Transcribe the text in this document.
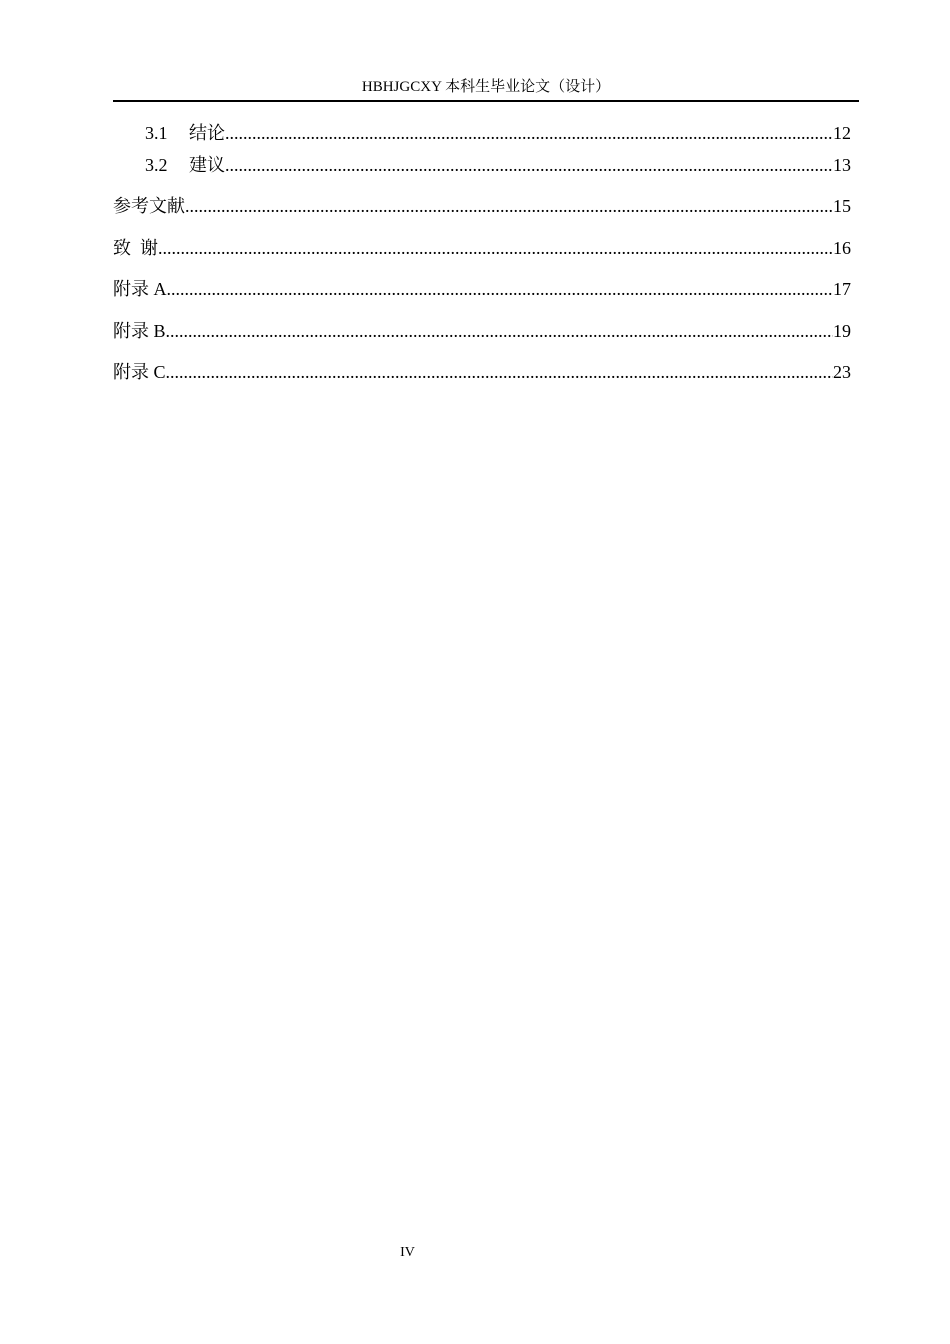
HBHJGCXY 本科生毕业论文（设计）
3.1	结论 .....	12
3.2	建议 .....	13
参考文献 .....	15
致  谢 .....	16
附录 A .....	17
附录 B .....	19
附录 C .....	23
IV
